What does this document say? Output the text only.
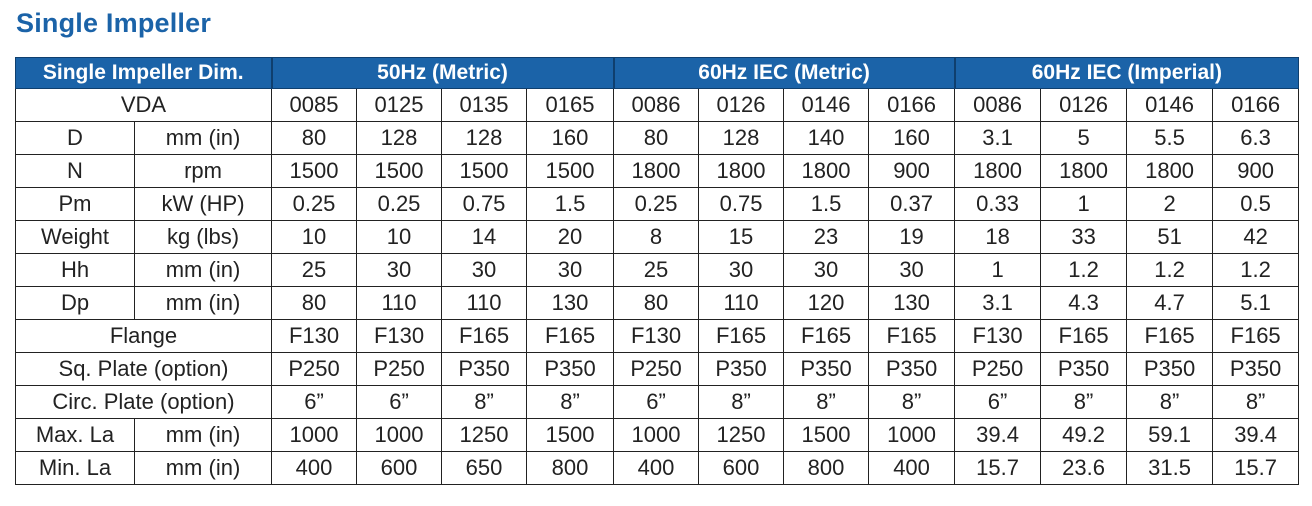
Single Impeller
Single Impeller Dim.		50Hz (Metric)				60Hz IEC (Metric)				60Hz IEC (Imperial)			
VDA		0085	0125	0135	0165	0086	0126	0146	0166	0086	0126	0146	0166
D	mm (in)	80	128	128	160	80	128	140	160	3.1	5	5.5	6.3
N	rpm	1500	1500	1500	1500	1800	1800	1800	900	1800	1800	1800	900
Pm	kW (HP)	0.25	0.25	0.75	1.5	0.25	0.75	1.5	0.37	0.33	1	2	0.5
Weight	kg (lbs)	10	10	14	20	8	15	23	19	18	33	51	42
Hh	mm (in)	25	30	30	30	25	30	30	30	1	1.2	1.2	1.2
Dp	mm (in)	80	110	110	130	80	110	120	130	3.1	4.3	4.7	5.1
Flange		F130	F130	F165	F165	F130	F165	F165	F165	F130	F165	F165	F165
Sq. Plate (option)		P250	P250	P350	P350	P250	P350	P350	P350	P250	P350	P350	P350
Circ. Plate (option)		6”	6”	8”	8”	6”	8”	8”	8”	6”	8”	8”	8”
Max. La	mm (in)	1000	1000	1250	1500	1000	1250	1500	1000	39.4	49.2	59.1	39.4
Min. La	mm (in)	400	600	650	800	400	600	800	400	15.7	23.6	31.5	15.7
